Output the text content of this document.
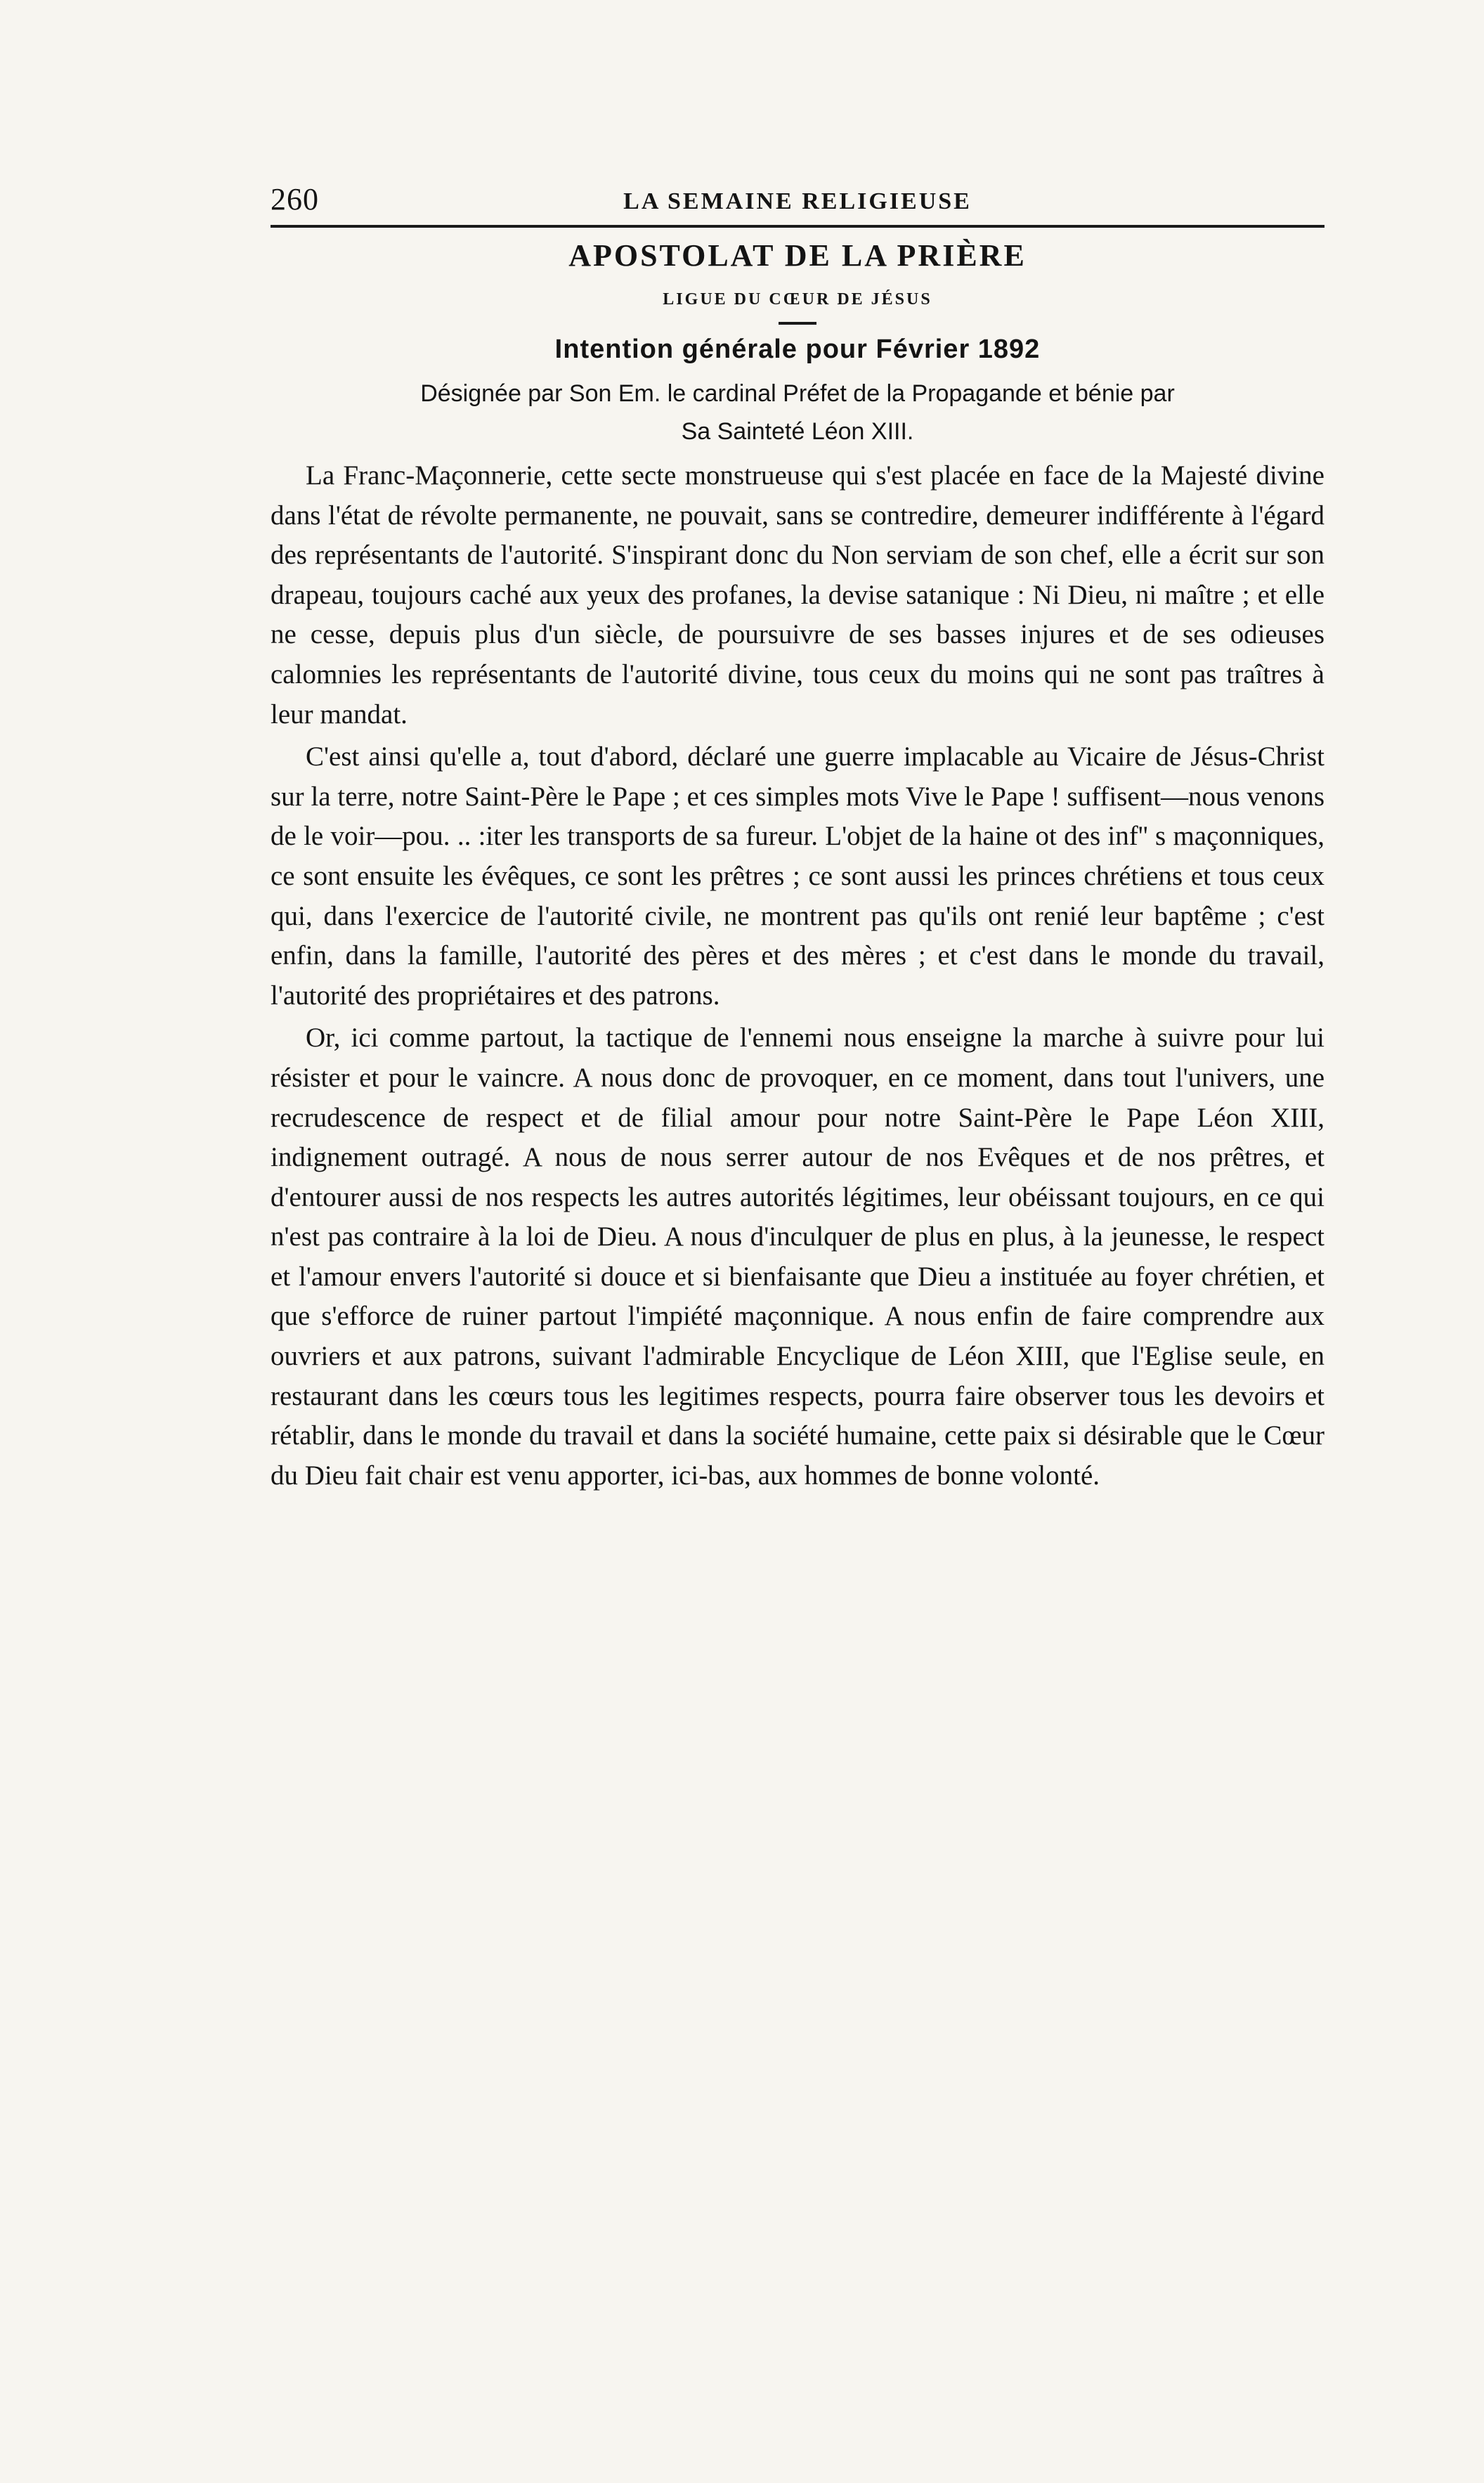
260	LA SEMAINE RELIGIEUSE
APOSTOLAT DE LA PRIÈRE
LIGUE DU CŒUR DE JÉSUS
Intention générale pour Février 1892
Désignée par Son Em. le cardinal Préfet de la Propagande et bénie par
Sa Sainteté Léon XIII.

La Franc-Maçonnerie, cette secte monstrueuse qui s'est placée en face de la Majesté divine dans l'état de révolte permanente, ne pouvait, sans se contredire, demeurer indifférente à l'égard des représentants de l'autorité. S'inspirant donc du Non serviam de son chef, elle a écrit sur son drapeau, toujours caché aux yeux des profanes, la devise satanique : Ni Dieu, ni maître ; et elle ne cesse, depuis plus d'un siècle, de poursuivre de ses basses injures et de ses odieuses calomnies les représentants de l'autorité divine, tous ceux du moins qui ne sont pas traîtres à leur mandat.

C'est ainsi qu'elle a, tout d'abord, déclaré une guerre implacable au Vicaire de Jésus-Christ sur la terre, notre Saint-Père le Pape ; et ces simples mots Vive le Pape ! suffisent—nous venons de le voir—pou. .. :iter les transports de sa fureur. L'objet de la haine ot des inf'' s maçonniques, ce sont ensuite les évêques, ce sont les prêtres ; ce sont aussi les princes chrétiens et tous ceux qui, dans l'exercice de l'autorité civile, ne montrent pas qu'ils ont renié leur baptême ; c'est enfin, dans la famille, l'autorité des pères et des mères ; et c'est dans le monde du travail, l'autorité des propriétaires et des patrons.

Or, ici comme partout, la tactique de l'ennemi nous enseigne la marche à suivre pour lui résister et pour le vaincre. A nous donc de provoquer, en ce moment, dans tout l'univers, une recrudescence de respect et de filial amour pour notre Saint-Père le Pape Léon XIII, indignement outragé. A nous de nous serrer autour de nos Evêques et de nos prêtres, et d'entourer aussi de nos respects les autres autorités légitimes, leur obéissant toujours, en ce qui n'est pas contraire à la loi de Dieu. A nous d'inculquer de plus en plus, à la jeunesse, le respect et l'amour envers l'autorité si douce et si bienfaisante que Dieu a instituée au foyer chrétien, et que s'efforce de ruiner partout l'impiété maçonnique. A nous enfin de faire comprendre aux ouvriers et aux patrons, suivant l'admirable Encyclique de Léon XIII, que l'Eglise seule, en restaurant dans les cœurs tous les legitimes respects, pourra faire observer tous les devoirs et rétablir, dans le monde du travail et dans la société humaine, cette paix si désirable que le Cœur du Dieu fait chair est venu apporter, ici-bas, aux hommes de bonne volonté.
